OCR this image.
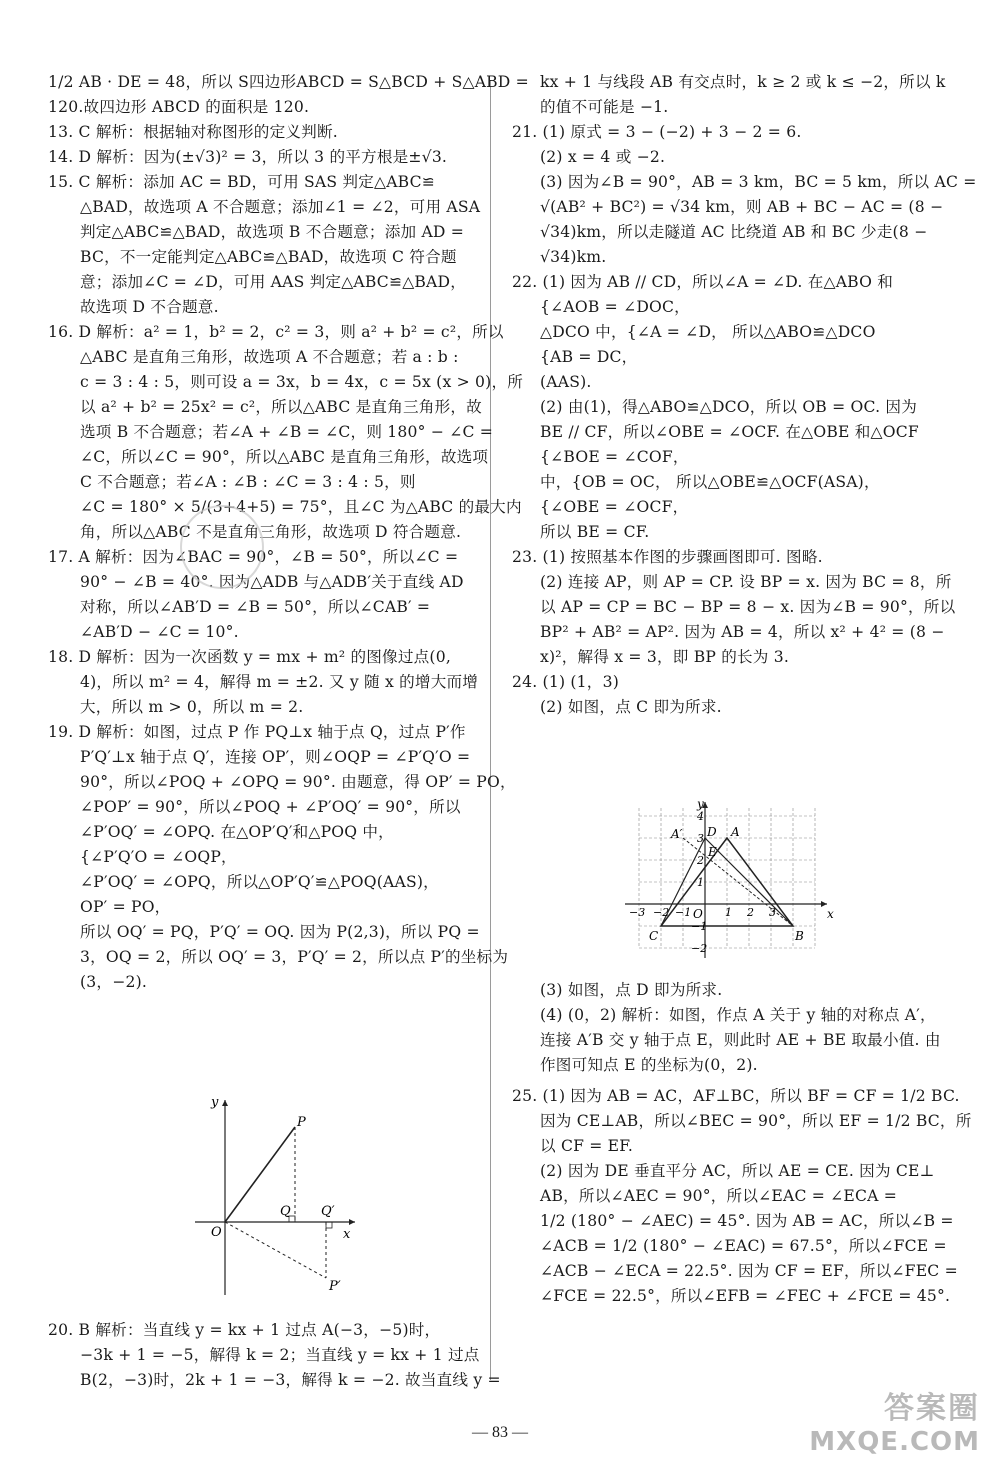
1/2 AB · DE = 48，所以 S四边形ABCD = S△BCD + S△ABD =
120.故四边形 ABCD 的面积是 120.
13. C 解析：根据轴对称图形的定义判断.
14. D 解析：因为(±√3)² = 3，所以 3 的平方根是±√3.
15. C 解析：添加 AC = BD，可用 SAS 判定△ABC≌
△BAD，故选项 A 不合题意；添加∠1 = ∠2，可用 ASA
判定△ABC≌△BAD，故选项 B 不合题意；添加 AD =
BC，不一定能判定△ABC≌△BAD，故选项 C 符合题
意；添加∠C = ∠D，可用 AAS 判定△ABC≌△BAD，
故选项 D 不合题意.
16. D 解析：a² = 1，b² = 2，c² = 3，则 a² + b² = c²，所以
△ABC 是直角三角形，故选项 A 不合题意；若 a : b :
c = 3 : 4 : 5，则可设 a = 3x，b = 4x，c = 5x (x > 0)，所
以 a² + b² = 25x² = c²，所以△ABC 是直角三角形，故
选项 B 不合题意；若∠A + ∠B = ∠C，则 180° − ∠C =
∠C，所以∠C = 90°，所以△ABC 是直角三角形，故选项
C 不合题意；若∠A : ∠B : ∠C = 3 : 4 : 5，则
∠C = 180° × 5/(3+4+5) = 75°，且∠C 为△ABC 的最大内
角，所以△ABC 不是直角三角形，故选项 D 符合题意.
17. A 解析：因为∠BAC = 90°，∠B = 50°，所以∠C =
90° − ∠B = 40°. 因为△ADB 与△ADB′关于直线 AD
对称，所以∠AB′D = ∠B = 50°，所以∠CAB′ =
∠AB′D − ∠C = 10°.
18. D 解析：因为一次函数 y = mx + m² 的图像过点(0,
4)，所以 m² = 4，解得 m = ±2. 又 y 随 x 的增大而增
大，所以 m > 0，所以 m = 2.
19. D 解析：如图，过点 P 作 PQ⊥x 轴于点 Q，过点 P′作
P′Q′⊥x 轴于点 Q′，连接 OP′，则∠OQP = ∠P′Q′O =
90°，所以∠POQ + ∠OPQ = 90°. 由题意，得 OP′ = PO，
∠POP′ = 90°，所以∠POQ + ∠P′OQ′ = 90°，所以
∠P′OQ′ = ∠OPQ. 在△OP′Q′和△POQ 中，
{∠P′Q′O = ∠OQP，
∠P′OQ′ = ∠OPQ，所以△OP′Q′≌△POQ(AAS)，
OP′ = PO，
所以 OQ′ = PQ，P′Q′ = OQ. 因为 P(2,3)，所以 PQ =
3，OQ = 2，所以 OQ′ = 3，P′Q′ = 2，所以点 P′的坐标为
(3，−2).
y
x
O
P
Q Q′
P′
20. B 解析：当直线 y = kx + 1 过点 A(−3，−5)时，
−3k + 1 = −5，解得 k = 2；当直线 y = kx + 1 过点
B(2，−3)时，2k + 1 = −3，解得 k = −2. 故当直线 y =
kx + 1 与线段 AB 有交点时，k ≥ 2 或 k ≤ −2，所以 k
的值不可能是 −1.
21. (1) 原式 = 3 − (−2) + 3 − 2 = 6.
(2) x = 4 或 −2.
(3) 因为∠B = 90°，AB = 3 km，BC = 5 km，所以 AC =
√(AB² + BC²) = √34 km，则 AB + BC − AC = (8 −
√34)km，所以走隧道 AC 比绕道 AB 和 BC 少走(8 −
√34)km.
22. (1) 因为 AB // CD，所以∠A = ∠D. 在△ABO 和
{∠AOB = ∠DOC，
△DCO 中，{∠A = ∠D， 所以△ABO≌△DCO
{AB = DC，
(AAS).
(2) 由(1)，得△ABO≌△DCO，所以 OB = OC. 因为
BE // CF，所以∠OBE = ∠OCF. 在△OBE 和△OCF
{∠BOE = ∠COF，
中，{OB = OC， 所以△OBE≌△OCF(ASA)，
{∠OBE = ∠OCF，
所以 BE = CF.
23. (1) 按照基本作图的步骤画图即可. 图略.
(2) 连接 AP，则 AP = CP. 设 BP = x. 因为 BC = 8，所
以 AP = CP = BC − BP = 8 − x. 因为∠B = 90°，所以
BP² + AB² = AP². 因为 AB = 4，所以 x² + 4² = (8 −
x)²，解得 x = 3，即 BP 的长为 3.
24. (1) (1，3)
(2) 如图，点 C 即为所求.
y
x
O
A
A′ D
E
B
C
4
3
2
1
−1
−2
3
2
1
−1
−2
−3
(3) 如图，点 D 即为所求.
(4) (0，2) 解析：如图，作点 A 关于 y 轴的对称点 A′，
连接 A′B 交 y 轴于点 E，则此时 AE + BE 取最小值. 由
作图可知点 E 的坐标为(0，2).
25. (1) 因为 AB = AC，AF⊥BC，所以 BF = CF = 1/2 BC.
因为 CE⊥AB，所以∠BEC = 90°，所以 EF = 1/2 BC，所
以 CF = EF.
(2) 因为 DE 垂直平分 AC，所以 AE = CE. 因为 CE⊥
AB，所以∠AEC = 90°，所以∠EAC = ∠ECA =
1/2 (180° − ∠AEC) = 45°. 因为 AB = AC，所以∠B =
∠ACB = 1/2 (180° − ∠EAC) = 67.5°，所以∠FCE =
∠ACB − ∠ECA = 22.5°. 因为 CF = EF，所以∠FEC =
∠FCE = 22.5°，所以∠EFB = ∠FEC + ∠FCE = 45°.
— 83 —
答案圈
MXQE.COM
